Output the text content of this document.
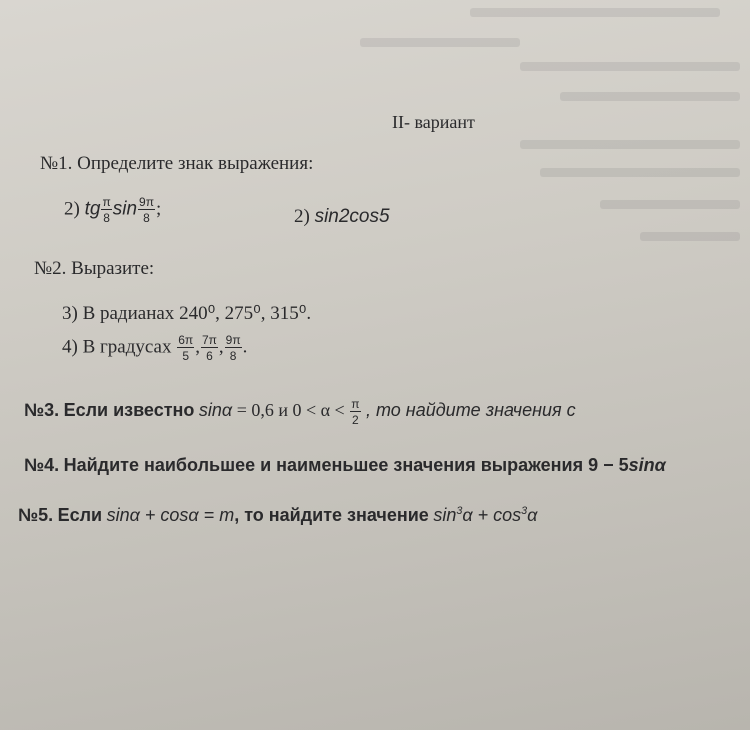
II- вариант
№1. Определите знак выражения:
2) tg $\frac{\pi}{8}$ $\sin \frac{9\pi}{8}$ ;	2) sin2cos5
№2. Выразите:
3) В радианах 240⁰, 275⁰, 315⁰.
4) В градусах $\frac{6\pi}{5}$ , $\frac{7\pi}{6}$ , $\frac{9\pi}{8}$ .
№3. Если известно sinα = 0,6 и $0 < \alpha < \frac{\pi}{2}$ , то найдите значения с
№4. Найдите наибольшее и наименьшее значения выражения 9 − 5sinα
№5. Если sinα + cosα = m, то найдите значение $\sin^3\alpha + \cos^3\alpha$
